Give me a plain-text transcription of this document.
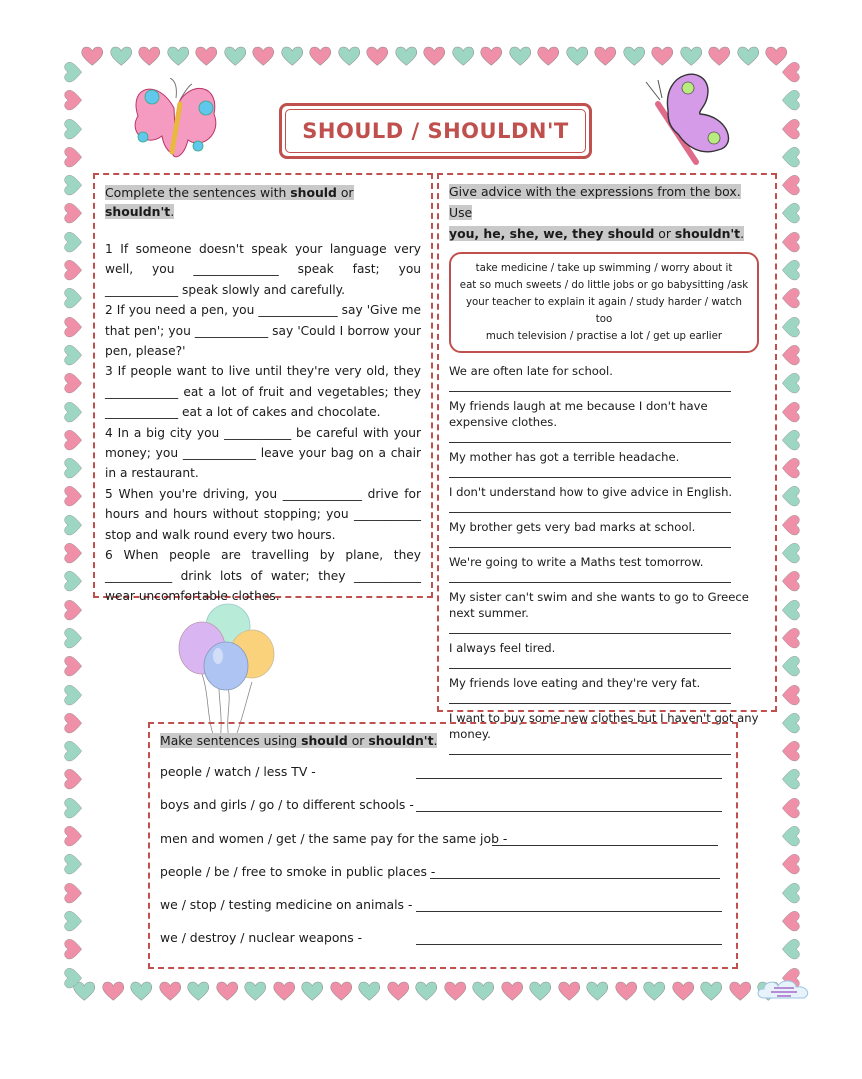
SHOULD / SHOULDN'T
Complete the sentences with should or shouldn't.

1 If someone doesn't speak your language very well, you ______________ speak fast; you ____________ speak slowly and carefully.

2 If you need a pen, you _____________ say 'Give me that pen'; you ____________ say 'Could I borrow your pen, please?'

3 If people want to live until they're very old, they ____________ eat a lot of fruit and vegetables; they ____________ eat a lot of cakes and chocolate.

4 In a big city you ___________ be careful with your money; you ____________ leave your bag on a chair in a restaurant.

5 When you're driving, you _____________ drive for hours and hours without stopping; you ___________ stop and walk round every two hours.

6 When people are travelling by plane, they ___________ drink lots of water; they ___________ wear uncomfortable clothes.

Give advice with the expressions from the box. Use
you, he, she, we, they should or shouldn't.
take medicine / take up swimming / worry about it
eat so much sweets / do little jobs or go babysitting /ask
your teacher to explain it again / study harder / watch too
much television / practise a lot / get up earlier
We are often late for school.
My friends laugh at me because I don't have expensive clothes.
My mother has got a terrible headache.
I don't understand how to give advice in English.
My brother gets very bad marks at school.
We're going to write a Maths test tomorrow.
My sister can't swim and she wants to go to Greece next summer.
I always feel tired.
My friends love eating and they're very fat.
I want to buy some new clothes but I haven't got any money.
Make sentences using should or shouldn't.
people / watch / less TV -
boys and girls / go / to different schools -
men and women / get / the same pay for the same job -
people / be / free to smoke in public places -
we / stop / testing medicine on animals -
we / destroy / nuclear weapons -
